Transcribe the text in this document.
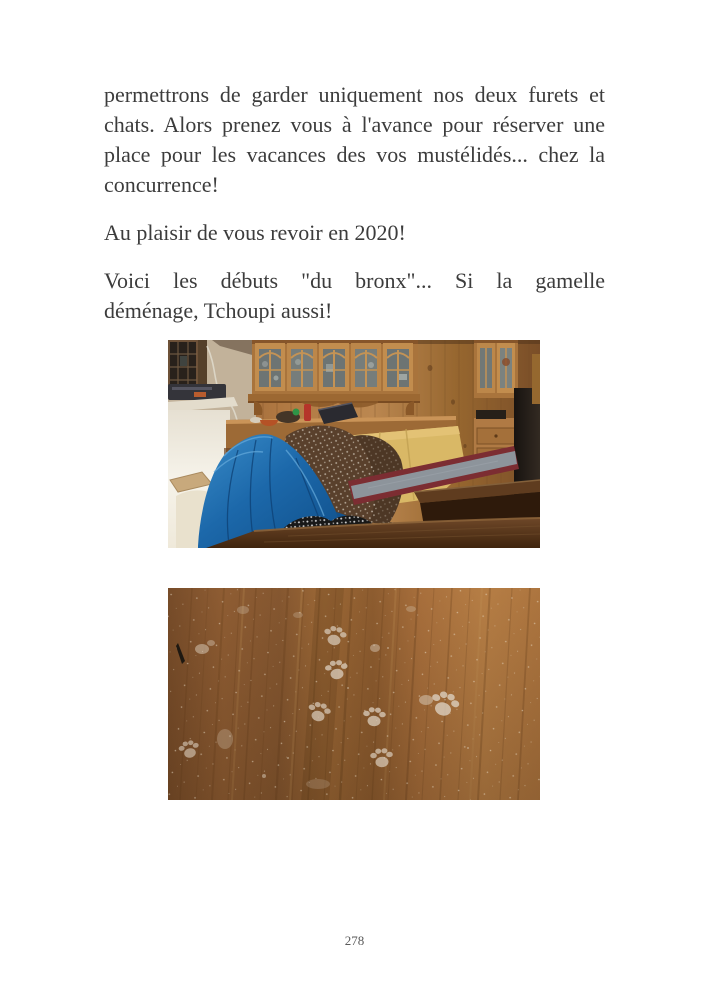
permettrons de garder uniquement nos deux furets et
chats. Alors prenez vous à l'avance pour réserver une
place pour les vacances des vos mustélidés... chez la
concurrence!

Au plaisir de vous revoir en 2020!

Voici les débuts "du bronx"... Si la gamelle
déménage, Tchoupi aussi!

278
